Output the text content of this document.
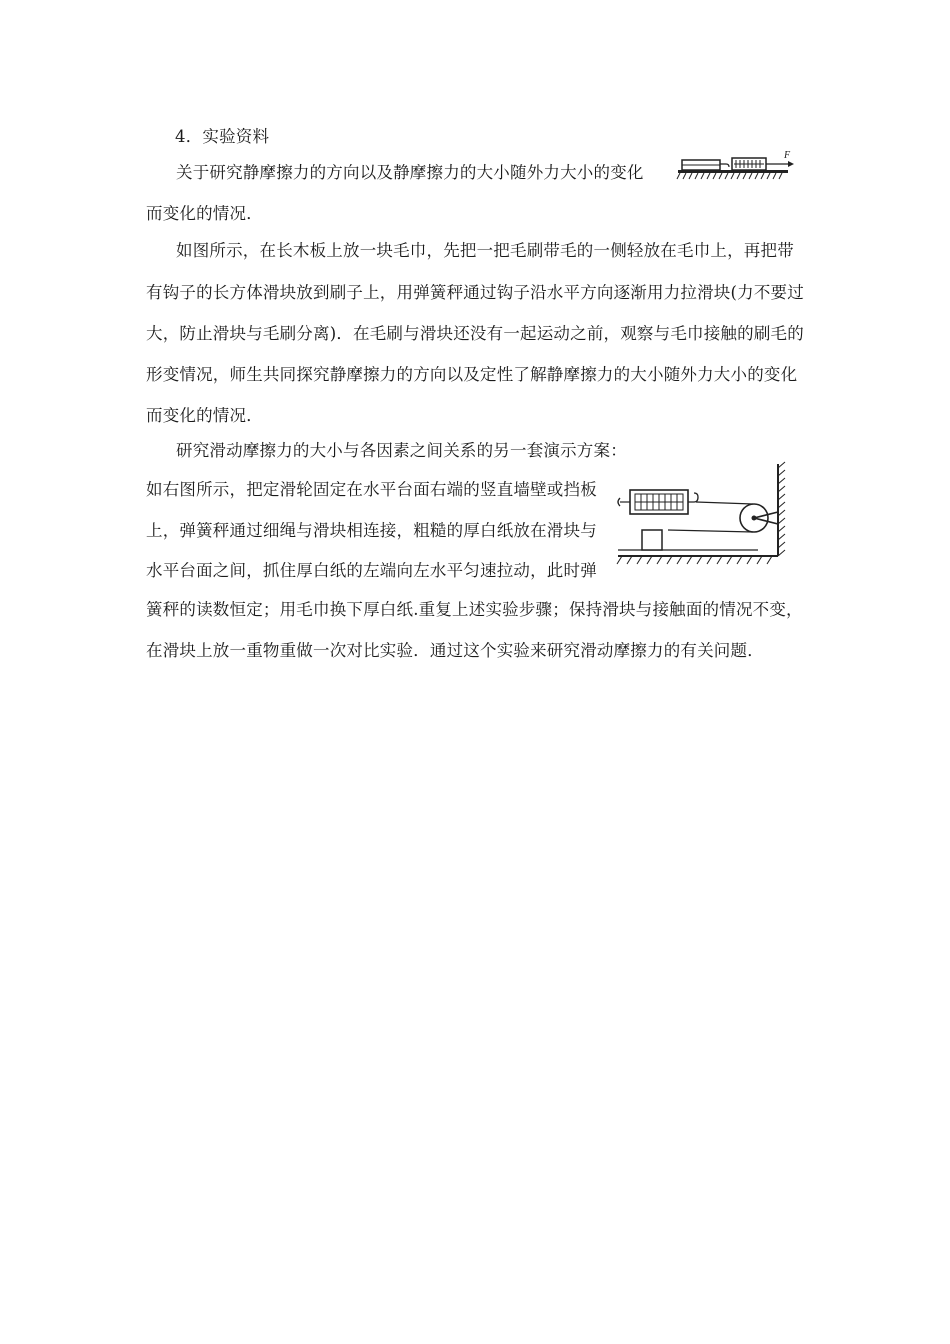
4．实验资料
关于研究静摩擦力的方向以及静摩擦力的大小随外力大小的变化
而变化的情况．
F
如图所示，在长木板上放一块毛巾，先把一把毛刷带毛的一侧轻放在毛巾上，再把带
有钩子的长方体滑块放到刷子上，用弹簧秤通过钩子沿水平方向逐渐用力拉滑块(力不要过
大，防止滑块与毛刷分离)．在毛刷与滑块还没有一起运动之前，观察与毛巾接触的刷毛的
形变情况，师生共同探究静摩擦力的方向以及定性了解静摩擦力的大小随外力大小的变化
而变化的情况．
研究滑动摩擦力的大小与各因素之间关系的另一套演示方案：
如右图所示，把定滑轮固定在水平台面右端的竖直墙壁或挡板
上，弹簧秤通过细绳与滑块相连接，粗糙的厚白纸放在滑块与
水平台面之间，抓住厚白纸的左端向左水平匀速拉动，此时弹
簧秤的读数恒定；用毛巾换下厚白纸.重复上述实验步骤；保持滑块与接触面的情况不变，
在滑块上放一重物重做一次对比实验．通过这个实验来研究滑动摩擦力的有关问题．
